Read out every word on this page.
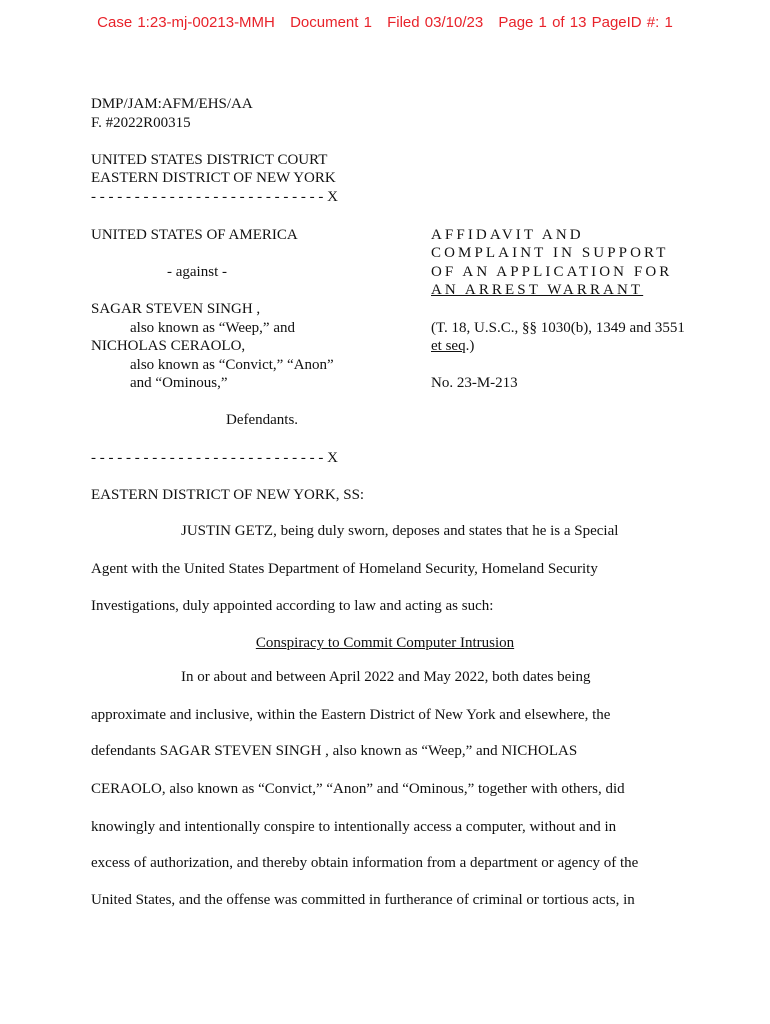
Case 1:23-mj-00213-MMH Document 1 Filed 03/10/23 Page 1 of 13 PageID #: 1
DMP/JAM:AFM/EHS/AA
F. #2022R00315
UNITED STATES DISTRICT COURT
EASTERN DISTRICT OF NEW YORK
- - - - - - - - - - - - - - - - - - - - - - - - - - - X
UNITED STATES OF AMERICA
- against -
SAGAR STEVEN SINGH ,
also known as “Weep,” and
NICHOLAS CERAOLO,
also known as “Convict,” “Anon”
and “Ominous,”
Defendants.
- - - - - - - - - - - - - - - - - - - - - - - - - - - X
AFFIDAVIT AND
COMPLAINT IN SUPPORT
OF AN APPLICATION FOR
AN ARREST WARRANT
(T. 18, U.S.C., §§ 1030(b), 1349 and 3551
et seq.)
No. 23-M-213
EASTERN DISTRICT OF NEW YORK, SS:
JUSTIN GETZ, being duly sworn, deposes and states that he is a Special
Agent with the United States Department of Homeland Security, Homeland Security
Investigations, duly appointed according to law and acting as such:
Conspiracy to Commit Computer Intrusion
In or about and between April 2022 and May 2022, both dates being
approximate and inclusive, within the Eastern District of New York and elsewhere, the
defendants SAGAR STEVEN SINGH , also known as “Weep,” and NICHOLAS
CERAOLO, also known as “Convict,” “Anon” and “Ominous,” together with others, did
knowingly and intentionally conspire to intentionally access a computer, without and in
excess of authorization, and thereby obtain information from a department or agency of the
United States, and the offense was committed in furtherance of criminal or tortious acts, in
